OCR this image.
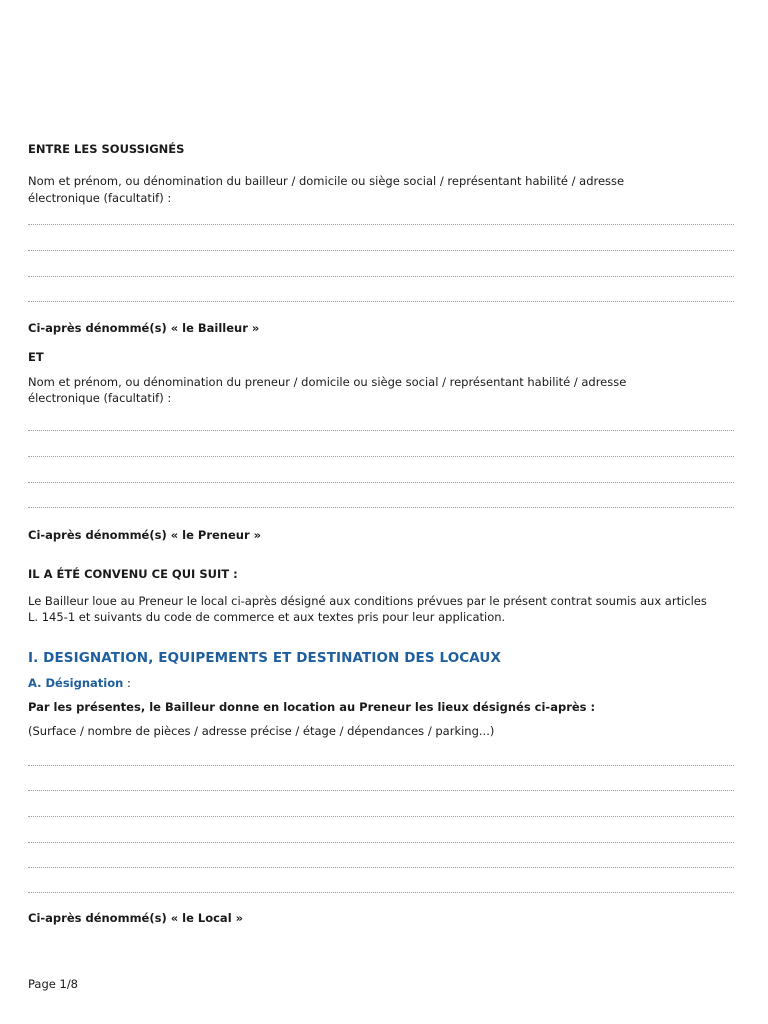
ENTRE LES SOUSSIGNÉS
Nom et prénom, ou dénomination du bailleur / domicile ou siège social / représentant habilité / adresse
électronique (facultatif) :
Ci-après dénommé(s) « le Bailleur »
ET
Nom et prénom, ou dénomination du preneur / domicile ou siège social / représentant habilité / adresse
électronique (facultatif) :
Ci-après dénommé(s) « le Preneur »
IL A ÉTÉ CONVENU CE QUI SUIT :
Le Bailleur loue au Preneur le local ci-après désigné aux conditions prévues par le présent contrat soumis aux articles
L. 145-1 et suivants du code de commerce et aux textes pris pour leur application.
I. DESIGNATION, EQUIPEMENTS ET DESTINATION DES LOCAUX
A. Désignation :
Par les présentes, le Bailleur donne en location au Preneur les lieux désignés ci-après :
(Surface / nombre de pièces / adresse précise / étage / dépendances / parking...)
Ci-après dénommé(s) « le Local »
Page 1/8
